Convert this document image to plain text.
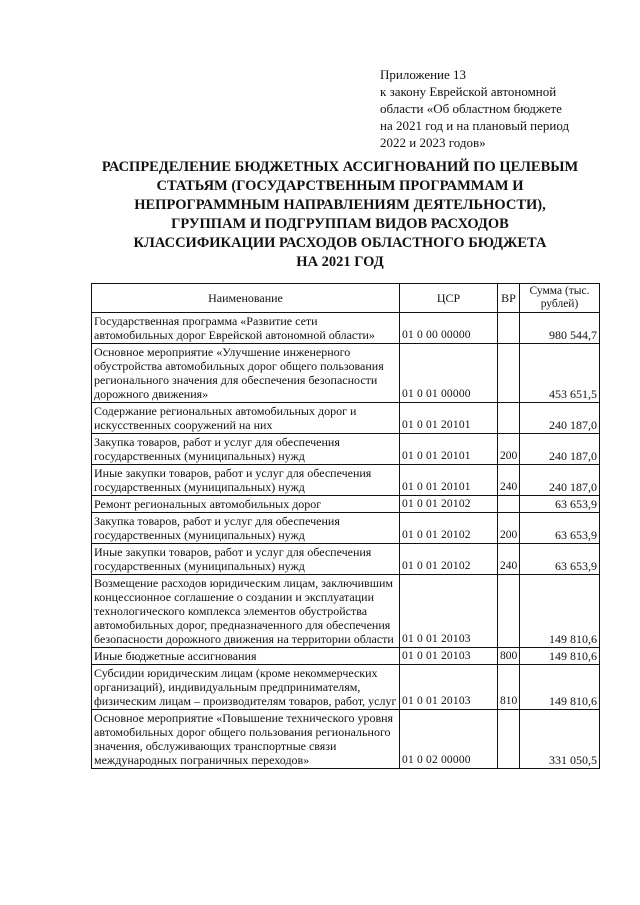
Приложение 13
к закону Еврейской автономной
области «Об областном бюджете
на 2021 год и на плановый период
2022 и 2023 годов»
РАСПРЕДЕЛЕНИЕ БЮДЖЕТНЫХ АССИГНОВАНИЙ ПО ЦЕЛЕВЫМ
СТАТЬЯМ (ГОСУДАРСТВЕННЫМ ПРОГРАММАМ И
НЕПРОГРАММНЫМ НАПРАВЛЕНИЯМ ДЕЯТЕЛЬНОСТИ),
ГРУППАМ И ПОДГРУППАМ ВИДОВ РАСХОДОВ
КЛАССИФИКАЦИИ РАСХОДОВ ОБЛАСТНОГО БЮДЖЕТА
НА 2021 ГОД
Наименование	ЦСР	ВР	Сумма (тыс. рублей)
Государственная программа «Развитие сети автомобильных дорог Еврейской автономной области»	01 0 00 00000		980 544,7
Основное мероприятие «Улучшение инженерного обустройства автомобильных дорог общего пользования регионального значения для обеспечения безопасности дорожного движения»	01 0 01 00000		453 651,5
Содержание региональных автомобильных дорог и искусственных сооружений на них	01 0 01 20101		240 187,0
Закупка товаров, работ и услуг для обеспечения государственных (муниципальных) нужд	01 0 01 20101	200	240 187,0
Иные закупки товаров, работ и услуг для обеспечения государственных (муниципальных) нужд	01 0 01 20101	240	240 187,0
Ремонт региональных автомобильных дорог	01 0 01 20102		63 653,9
Закупка товаров, работ и услуг для обеспечения государственных (муниципальных) нужд	01 0 01 20102	200	63 653,9
Иные закупки товаров, работ и услуг для обеспечения государственных (муниципальных) нужд	01 0 01 20102	240	63 653,9
Возмещение расходов юридическим лицам, заключившим концессионное соглашение о создании и эксплуатации технологического комплекса элементов обустройства автомобильных дорог, предназначенного для обеспечения безопасности дорожного движения на территории области	01 0 01 20103		149 810,6
Иные бюджетные ассигнования	01 0 01 20103	800	149 810,6
Субсидии юридическим лицам (кроме некоммерческих организаций), индивидуальным предпринимателям, физическим лицам – производителям товаров, работ, услуг	01 0 01 20103	810	149 810,6
Основное мероприятие «Повышение технического уровня автомобильных дорог общего пользования регионального значения, обслуживающих транспортные связи международных пограничных переходов»	01 0 02 00000		331 050,5
